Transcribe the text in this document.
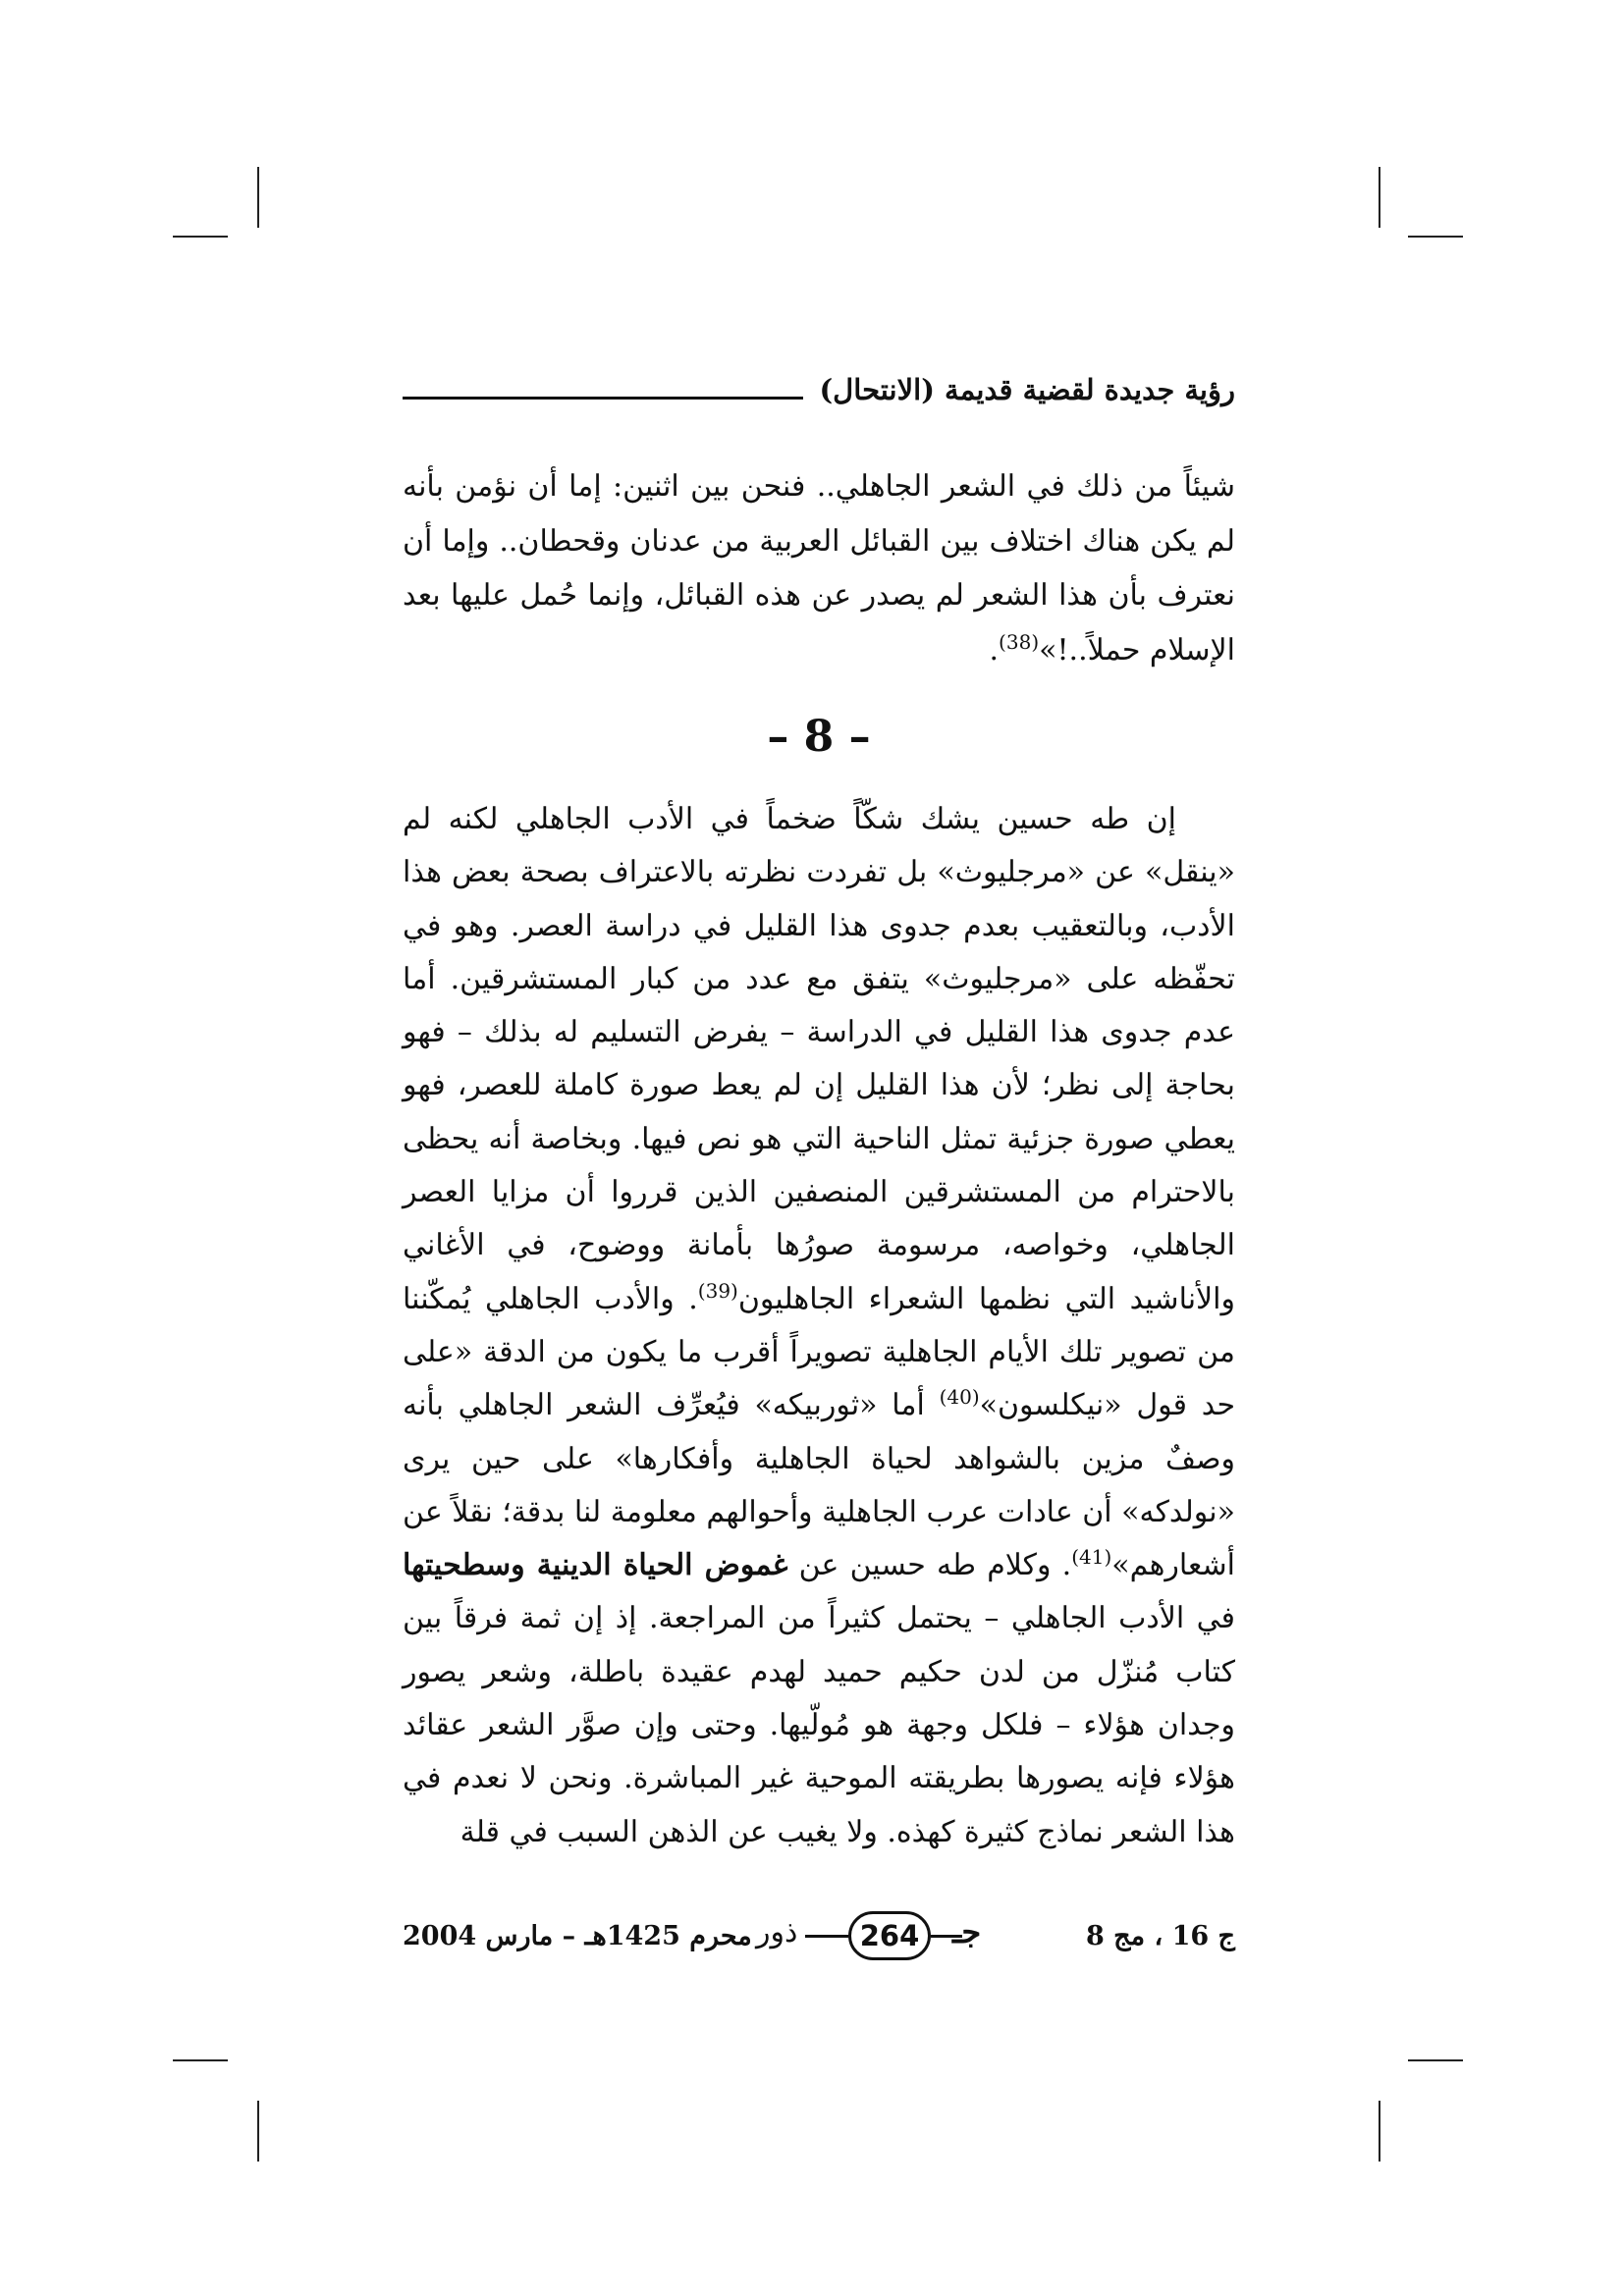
رؤية جديدة لقضية قديمة (الانتحال)
شيئاً من ذلك في الشعر الجاهلي.. فنحن بين اثنين: إما أن نؤمن بأنه لم يكن هناك اختلاف بين القبائل العربية من عدنان وقحطان.. وإما أن نعترف بأن هذا الشعر لم يصدر عن هذه القبائل، وإنما حُمل عليها بعد الإسلام حملاً..!»$^{(38)}$.
– 8 –
إن طه حسين يشك شكّاً ضخماً في الأدب الجاهلي لكنه لم «ينقل» عن «مرجليوث» بل تفردت نظرته بالاعتراف بصحة بعض هذا الأدب، وبالتعقيب بعدم جدوى هذا القليل في دراسة العصر. وهو في تحفّظه على «مرجليوث» يتفق مع عدد من كبار المستشرقين. أما عدم جدوى هذا القليل في الدراسة – يفرض التسليم له بذلك – فهو بحاجة إلى نظر؛ لأن هذا القليل إن لم يعط صورة كاملة للعصر، فهو يعطي صورة جزئية تمثل الناحية التي هو نص فيها. وبخاصة أنه يحظى بالاحترام من المستشرقين المنصفين الذين قرروا أن مزايا العصر الجاهلي، وخواصه، مرسومة صورُها بأمانة ووضوح، في الأغاني والأناشيد التي نظمها الشعراء الجاهليون$^{(39)}$. والأدب الجاهلي يُمكّننا من تصوير تلك الأيام الجاهلية تصويراً أقرب ما يكون من الدقة «على حد قول «نيكلسون»$^{(40)}$ أما «ثوربيكه» فيُعرِّف الشعر الجاهلي بأنه وصفٌ مزين بالشواهد لحياة الجاهلية وأفكارها» على حين يرى «نولدكه» أن عادات عرب الجاهلية وأحوالهم معلومة لنا بدقة؛ نقلاً عن أشعارهم»$^{(41)}$. وكلام طه حسين عن غموض الحياة الدينية وسطحيتها في الأدب الجاهلي – يحتمل كثيراً من المراجعة. إذ إن ثمة فرقاً بين كتاب مُنزّل من لدن حكيم حميد لهدم عقيدة باطلة، وشعر يصور وجدان هؤلاء – فلكل وجهة هو مُولّيها. وحتى وإن صوَّر الشعر عقائد هؤلاء فإنه يصورها بطريقته الموحية غير المباشرة. ونحن لا نعدم في هذا الشعر نماذج كثيرة كهذه. ولا يغيب عن الذهن السبب في قلة
ج 16 ، مج 8
ذور	264	جـ
محرم 1425هـ – مارس 2004
